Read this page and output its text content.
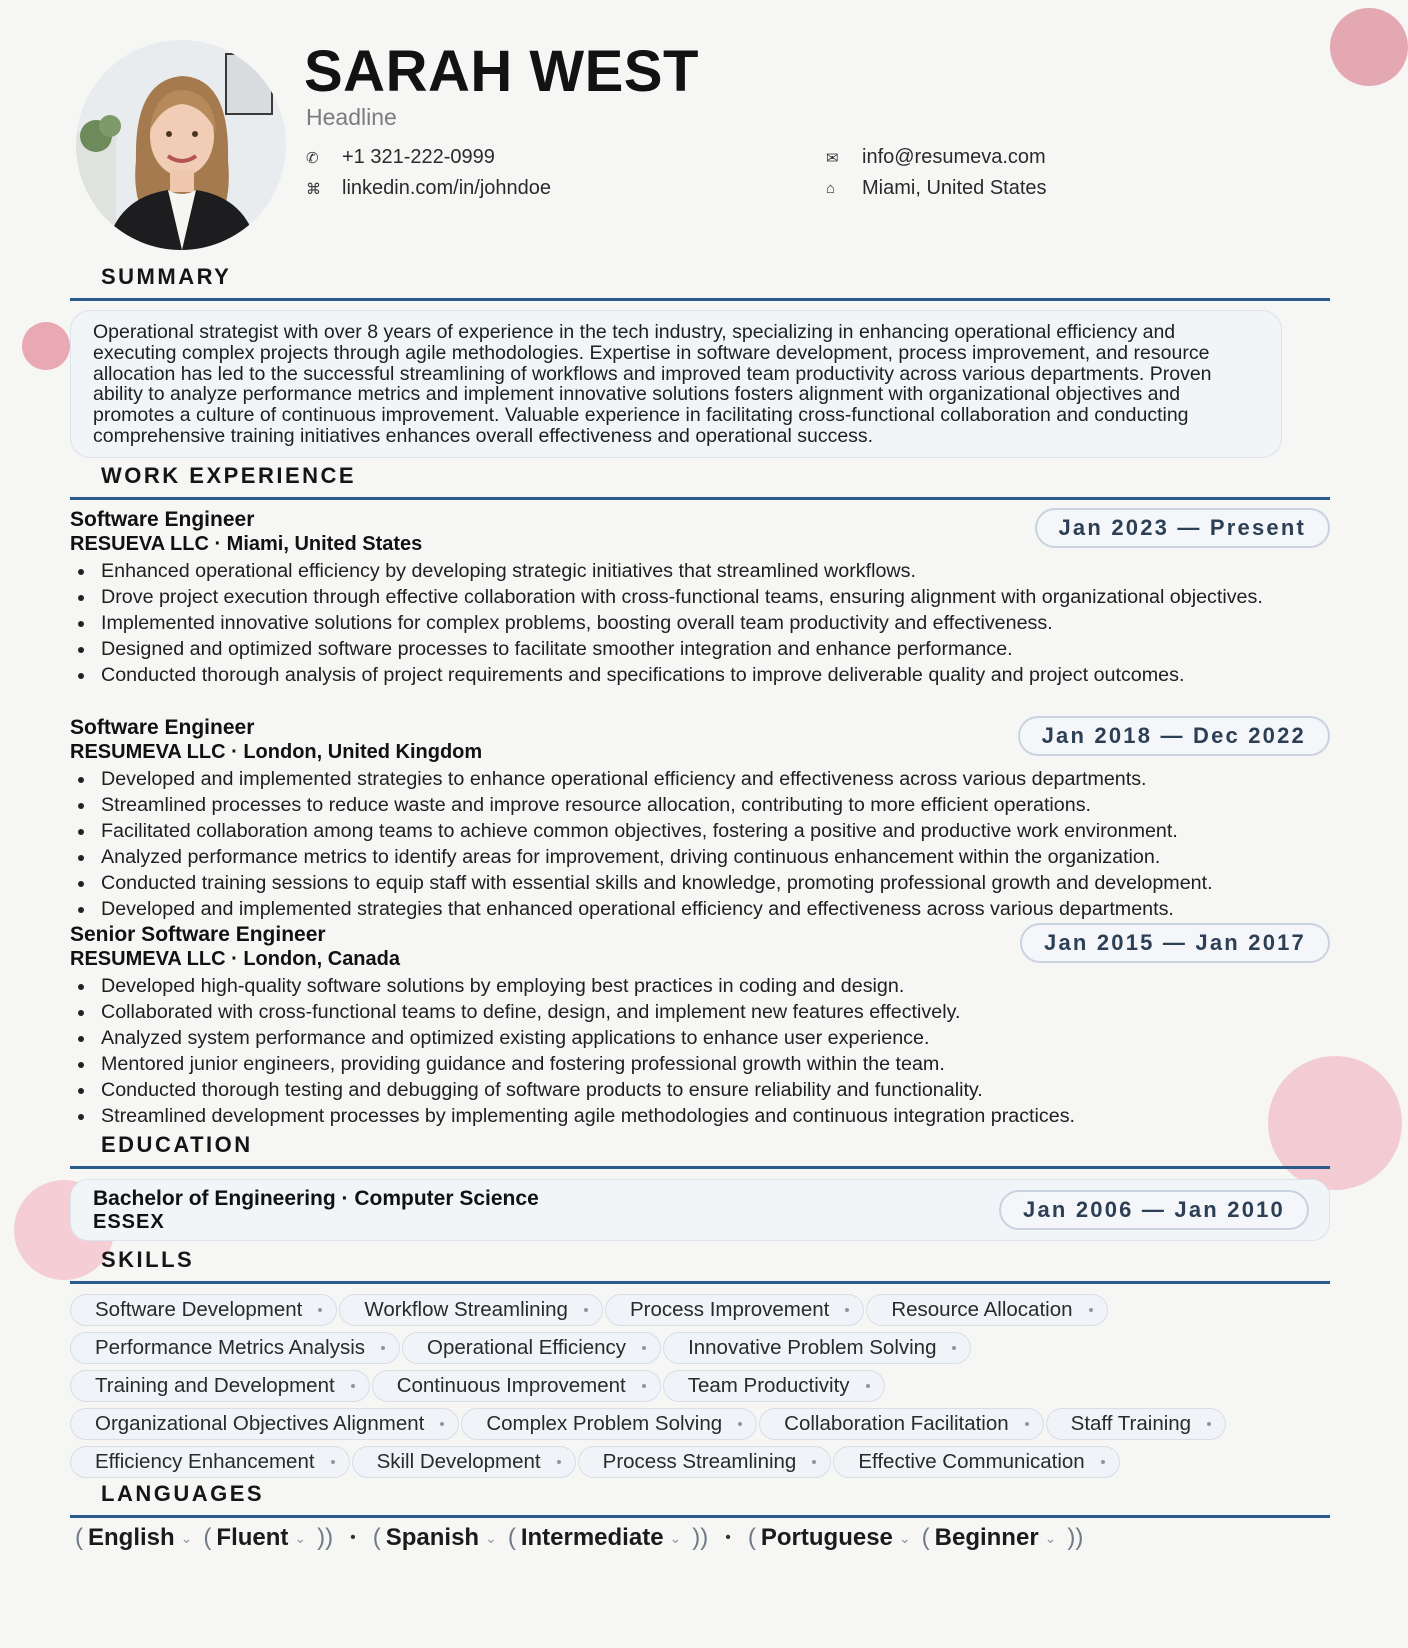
SARAH WEST
Headline
✆	+1 321-222-0999
⌘	linkedin.com/in/johndoe
✉	info@resumeva.com
⌂	Miami, United States
SUMMARY
Operational strategist with over 8 years of experience in the tech industry, specializing in enhancing operational efficiency and executing complex projects through agile methodologies. Expertise in software development, process improvement, and resource allocation has led to the successful streamlining of workflows and improved team productivity across various departments. Proven ability to analyze performance metrics and implement innovative solutions fosters alignment with organizational objectives and promotes a culture of continuous improvement. Valuable experience in facilitating cross-functional collaboration and conducting comprehensive training initiatives enhances overall effectiveness and operational success.
WORK EXPERIENCE
Software Engineer
RESUEVA LLC · Miami, United States
Jan 2023 — Present
Enhanced operational efficiency by developing strategic initiatives that streamlined workflows.
Drove project execution through effective collaboration with cross-functional teams, ensuring alignment with organizational objectives.
Implemented innovative solutions for complex problems, boosting overall team productivity and effectiveness.
Designed and optimized software processes to facilitate smoother integration and enhance performance.
Conducted thorough analysis of project requirements and specifications to improve deliverable quality and project outcomes.
Software Engineer
RESUMEVA LLC · London, United Kingdom
Jan 2018 — Dec 2022
Developed and implemented strategies to enhance operational efficiency and effectiveness across various departments.
Streamlined processes to reduce waste and improve resource allocation, contributing to more efficient operations.
Facilitated collaboration among teams to achieve common objectives, fostering a positive and productive work environment.
Analyzed performance metrics to identify areas for improvement, driving continuous enhancement within the organization.
Conducted training sessions to equip staff with essential skills and knowledge, promoting professional growth and development.
Developed and implemented strategies that enhanced operational efficiency and effectiveness across various departments.
Senior Software Engineer
RESUMEVA LLC · London, Canada
Jan 2015 — Jan 2017
Developed high-quality software solutions by employing best practices in coding and design.
Collaborated with cross-functional teams to define, design, and implement new features effectively.
Analyzed system performance and optimized existing applications to enhance user experience.
Mentored junior engineers, providing guidance and fostering professional growth within the team.
Conducted thorough testing and debugging of software products to ensure reliability and functionality.
Streamlined development processes by implementing agile methodologies and continuous integration practices.
EDUCATION
Bachelor of Engineering · Computer Science
ESSEX	Jan 2006 — Jan 2010
SKILLS
Software Development	Workflow Streamlining	Process Improvement	Resource Allocation
Performance Metrics Analysis	Operational Efficiency	Innovative Problem Solving
Training and Development	Continuous Improvement	Team Productivity
Organizational Objectives Alignment	Complex Problem Solving	Collaboration Facilitation	Staff Training
Efficiency Enhancement	Skill Development	Process Streamlining	Effective Communication
LANGUAGES
( English ⌄ ( Fluent ⌄ )) • ( Spanish ⌄ ( Intermediate ⌄ )) • ( Portuguese ⌄ ( Beginner ⌄ ))
